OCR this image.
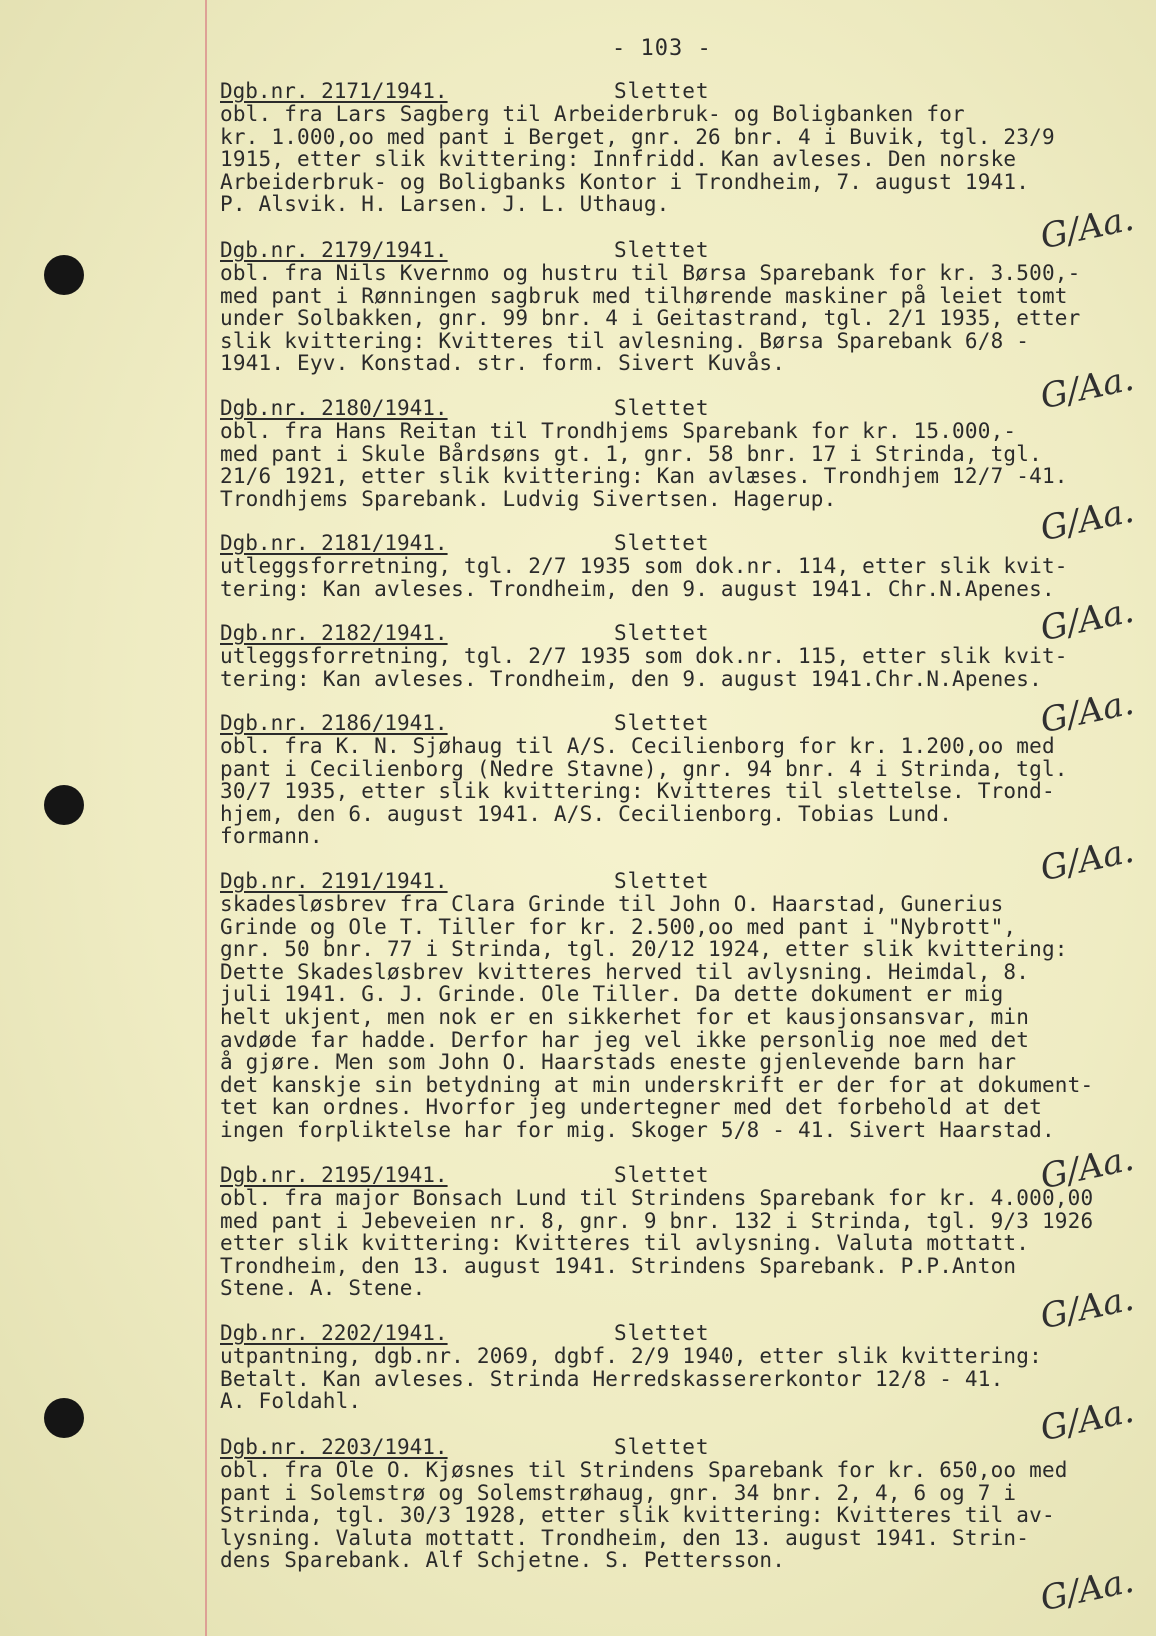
- 103 -
Dgb.nr. 2171/1941.	Slettet
obl. fra Lars Sagberg til Arbeiderbruk- og Boligbanken for
kr. 1.000,oo med pant i Berget, gnr. 26 bnr. 4 i Buvik, tgl. 23/9
1915, etter slik kvittering: Innfridd. Kan avleses. Den norske
Arbeiderbruk- og Boligbanks Kontor i Trondheim, 7. august 1941.
P. Alsvik. H. Larsen. J. L. Uthaug.	G/Aa.
Dgb.nr. 2179/1941.	Slettet
obl. fra Nils Kvernmo og hustru til Børsa Sparebank for kr. 3.500,-
med pant i Rønningen sagbruk med tilhørende maskiner på leiet tomt
under Solbakken, gnr. 99 bnr. 4 i Geitastrand, tgl. 2/1 1935, etter
slik kvittering: Kvitteres til avlesning. Børsa Sparebank 6/8 -
1941. Eyv. Konstad. str. form. Sivert Kuvås.	G/Aa.
Dgb.nr. 2180/1941.	Slettet
obl. fra Hans Reitan til Trondhjems Sparebank for kr. 15.000,-
med pant i Skule Bårdsøns gt. 1, gnr. 58 bnr. 17 i Strinda, tgl.
21/6 1921, etter slik kvittering: Kan avlæses. Trondhjem 12/7 -41.
Trondhjems Sparebank. Ludvig Sivertsen. Hagerup.	G/Aa.
Dgb.nr. 2181/1941.	Slettet
utleggsforretning, tgl. 2/7 1935 som dok.nr. 114, etter slik kvit-
tering: Kan avleses. Trondheim, den 9. august 1941. Chr.N.Apenes.
G/Aa.
Dgb.nr. 2182/1941.	Slettet
utleggsforretning, tgl. 2/7 1935 som dok.nr. 115, etter slik kvit-
tering: Kan avleses. Trondheim, den 9. august 1941.Chr.N.Apenes.
G/Aa.
Dgb.nr. 2186/1941.	Slettet
obl. fra K. N. Sjøhaug til A/S. Cecilienborg for kr. 1.200,oo med
pant i Cecilienborg (Nedre Stavne), gnr. 94 bnr. 4 i Strinda, tgl.
30/7 1935, etter slik kvittering: Kvitteres til slettelse. Trond-
hjem, den 6. august 1941. A/S. Cecilienborg. Tobias Lund.
formann.	G/Aa.
Dgb.nr. 2191/1941.	Slettet
skadesløsbrev fra Clara Grinde til John O. Haarstad, Gunerius
Grinde og Ole T. Tiller for kr. 2.500,oo med pant i "Nybrott",
gnr. 50 bnr. 77 i Strinda, tgl. 20/12 1924, etter slik kvittering:
Dette Skadesløsbrev kvitteres herved til avlysning. Heimdal, 8.
juli 1941. G. J. Grinde. Ole Tiller. Da dette dokument er mig
helt ukjent, men nok er en sikkerhet for et kausjonsansvar, min
avdøde far hadde. Derfor har jeg vel ikke personlig noe med det
å gjøre. Men som John O. Haarstads eneste gjenlevende barn har
det kanskje sin betydning at min underskrift er der for at dokument-
tet kan ordnes. Hvorfor jeg undertegner med det forbehold at det
ingen forpliktelse har for mig. Skoger 5/8 - 41. Sivert Haarstad.
G/Aa.
Dgb.nr. 2195/1941.	Slettet
obl. fra major Bonsach Lund til Strindens Sparebank for kr. 4.000,00
med pant i Jebeveien nr. 8, gnr. 9 bnr. 132 i Strinda, tgl. 9/3 1926
etter slik kvittering: Kvitteres til avlysning. Valuta mottatt.
Trondheim, den 13. august 1941. Strindens Sparebank. P.P.Anton
Stene. A. Stene.	G/Aa.
Dgb.nr. 2202/1941.	Slettet
utpantning, dgb.nr. 2069, dgbf. 2/9 1940, etter slik kvittering:
Betalt. Kan avleses. Strinda Herredskassererkontor 12/8 - 41.
A. Foldahl.	G/Aa.
Dgb.nr. 2203/1941.	Slettet
obl. fra Ole O. Kjøsnes til Strindens Sparebank for kr. 650,oo med
pant i Solemstrø og Solemstrøhaug, gnr. 34 bnr. 2, 4, 6 og 7 i
Strinda, tgl. 30/3 1928, etter slik kvittering: Kvitteres til av-
lysning. Valuta mottatt. Trondheim, den 13. august 1941. Strin-
dens Sparebank. Alf Schjetne. S. Pettersson.
G/Aa.
